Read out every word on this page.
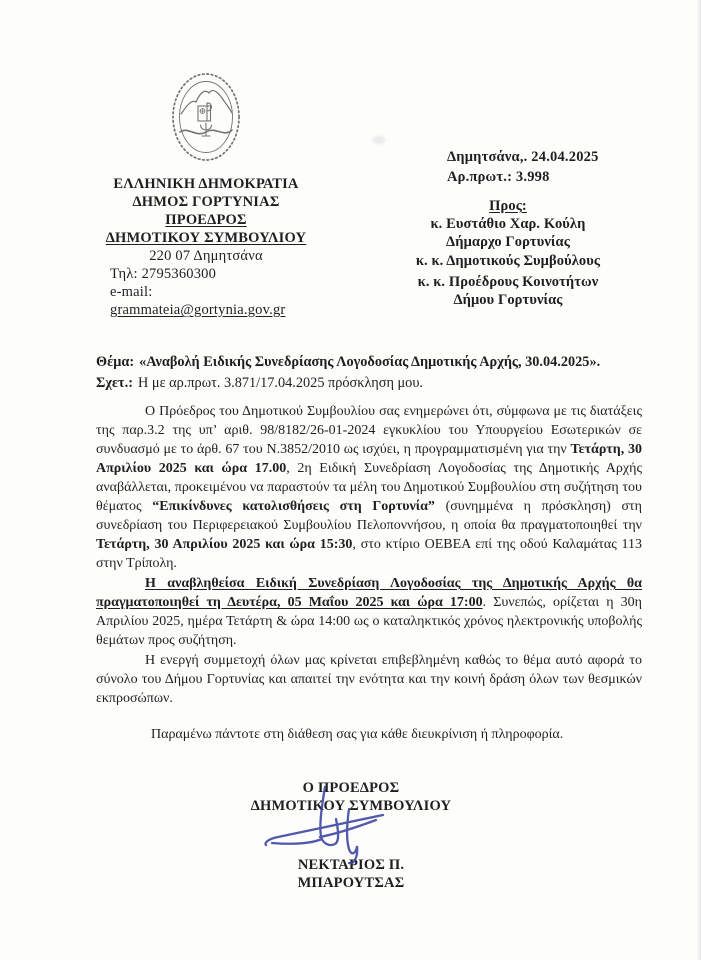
ΕΛΛΗΝΙΚΗ ΔΗΜΟΚΡΑΤΙΑ
ΔΗΜΟΣ ΓΟΡΤΥΝΙΑΣ
ΠΡΟΕΔΡΟΣ
ΔΗΜΟΤΙΚΟΥ ΣΥΜΒΟΥΛΙΟΥ
220 07 Δημητσάνα
Τηλ: 2795360300
e-mail: grammateia@gortynia.gov.gr
Δημητσάνα,. 24.04.2025
Αρ.πρωτ.: 3.998
Προς:
κ. Ευστάθιο Χαρ. Κούλη
Δήμαρχο Γορτυνίας
κ. κ. Δημοτικούς Συμβούλους
κ. κ. Προέδρους Κοινοτήτων
Δήμου Γορτυνίας
Θέμα: «Αναβολή Ειδικής Συνεδρίασης Λογοδοσίας Δημοτικής Αρχής, 30.04.2025».
Σχετ.: Η με αρ.πρωτ. 3.871/17.04.2025 πρόσκληση μου.

Ο Πρόεδρος του Δημοτικού Συμβουλίου σας ενημερώνει ότι, σύμφωνα με τις διατάξεις της παρ.3.2 της υπ’ αριθ. 98/8182/26-01-2024 εγκυκλίου του Υπουργείου Εσωτερικών σε συνδυασμό με το άρθ. 67 του Ν.3852/2010 ως ισχύει, η προγραμματισμένη για την Τετάρτη, 30 Απριλίου 2025 και ώρα 17.00, 2η Ειδική Συνεδρίαση Λογοδοσίας της Δημοτικής Αρχής αναβάλλεται, προκειμένου να παραστούν τα μέλη του Δημοτικού Συμβουλίου στη συζήτηση του θέματος “Επικίνδυνες κατολισθήσεις στη Γορτυνία” (συνημμένα η πρόσκληση) στη συνεδρίαση του Περιφερειακού Συμβουλίου Πελοποννήσου, η οποία θα πραγματοποιηθεί την Τετάρτη, 30 Απριλίου 2025 και ώρα 15:30, στο κτίριο ΟΕΒΕΑ επί της οδού Καλαμάτας 113 στην Τρίπολη.

Η αναβληθείσα Ειδική Συνεδρίαση Λογοδοσίας της Δημοτικής Αρχής θα πραγματοποιηθεί τη Δευτέρα, 05 Μαΐου 2025 και ώρα 17:00. Συνεπώς, ορίζεται η 30η Απριλίου 2025, ημέρα Τετάρτη & ώρα 14:00 ως ο καταληκτικός χρόνος ηλεκτρονικής υποβολής θεμάτων προς συζήτηση.

Η ενεργή συμμετοχή όλων μας κρίνεται επιβεβλημένη καθώς το θέμα αυτό αφορά το σύνολο του Δήμου Γορτυνίας και απαιτεί την ενότητα και την κοινή δράση όλων των θεσμικών εκπροσώπων.

Παραμένω πάντοτε στη διάθεση σας για κάθε διευκρίνιση ή πληροφορία.

Ο ΠΡΟΕΔΡΟΣ
ΔΗΜΟΤΙΚΟΥ ΣΥΜΒΟΥΛΙΟΥ
ΝΕΚΤΑΡΙΟΣ Π. ΜΠΑΡΟΥΤΣΑΣ
